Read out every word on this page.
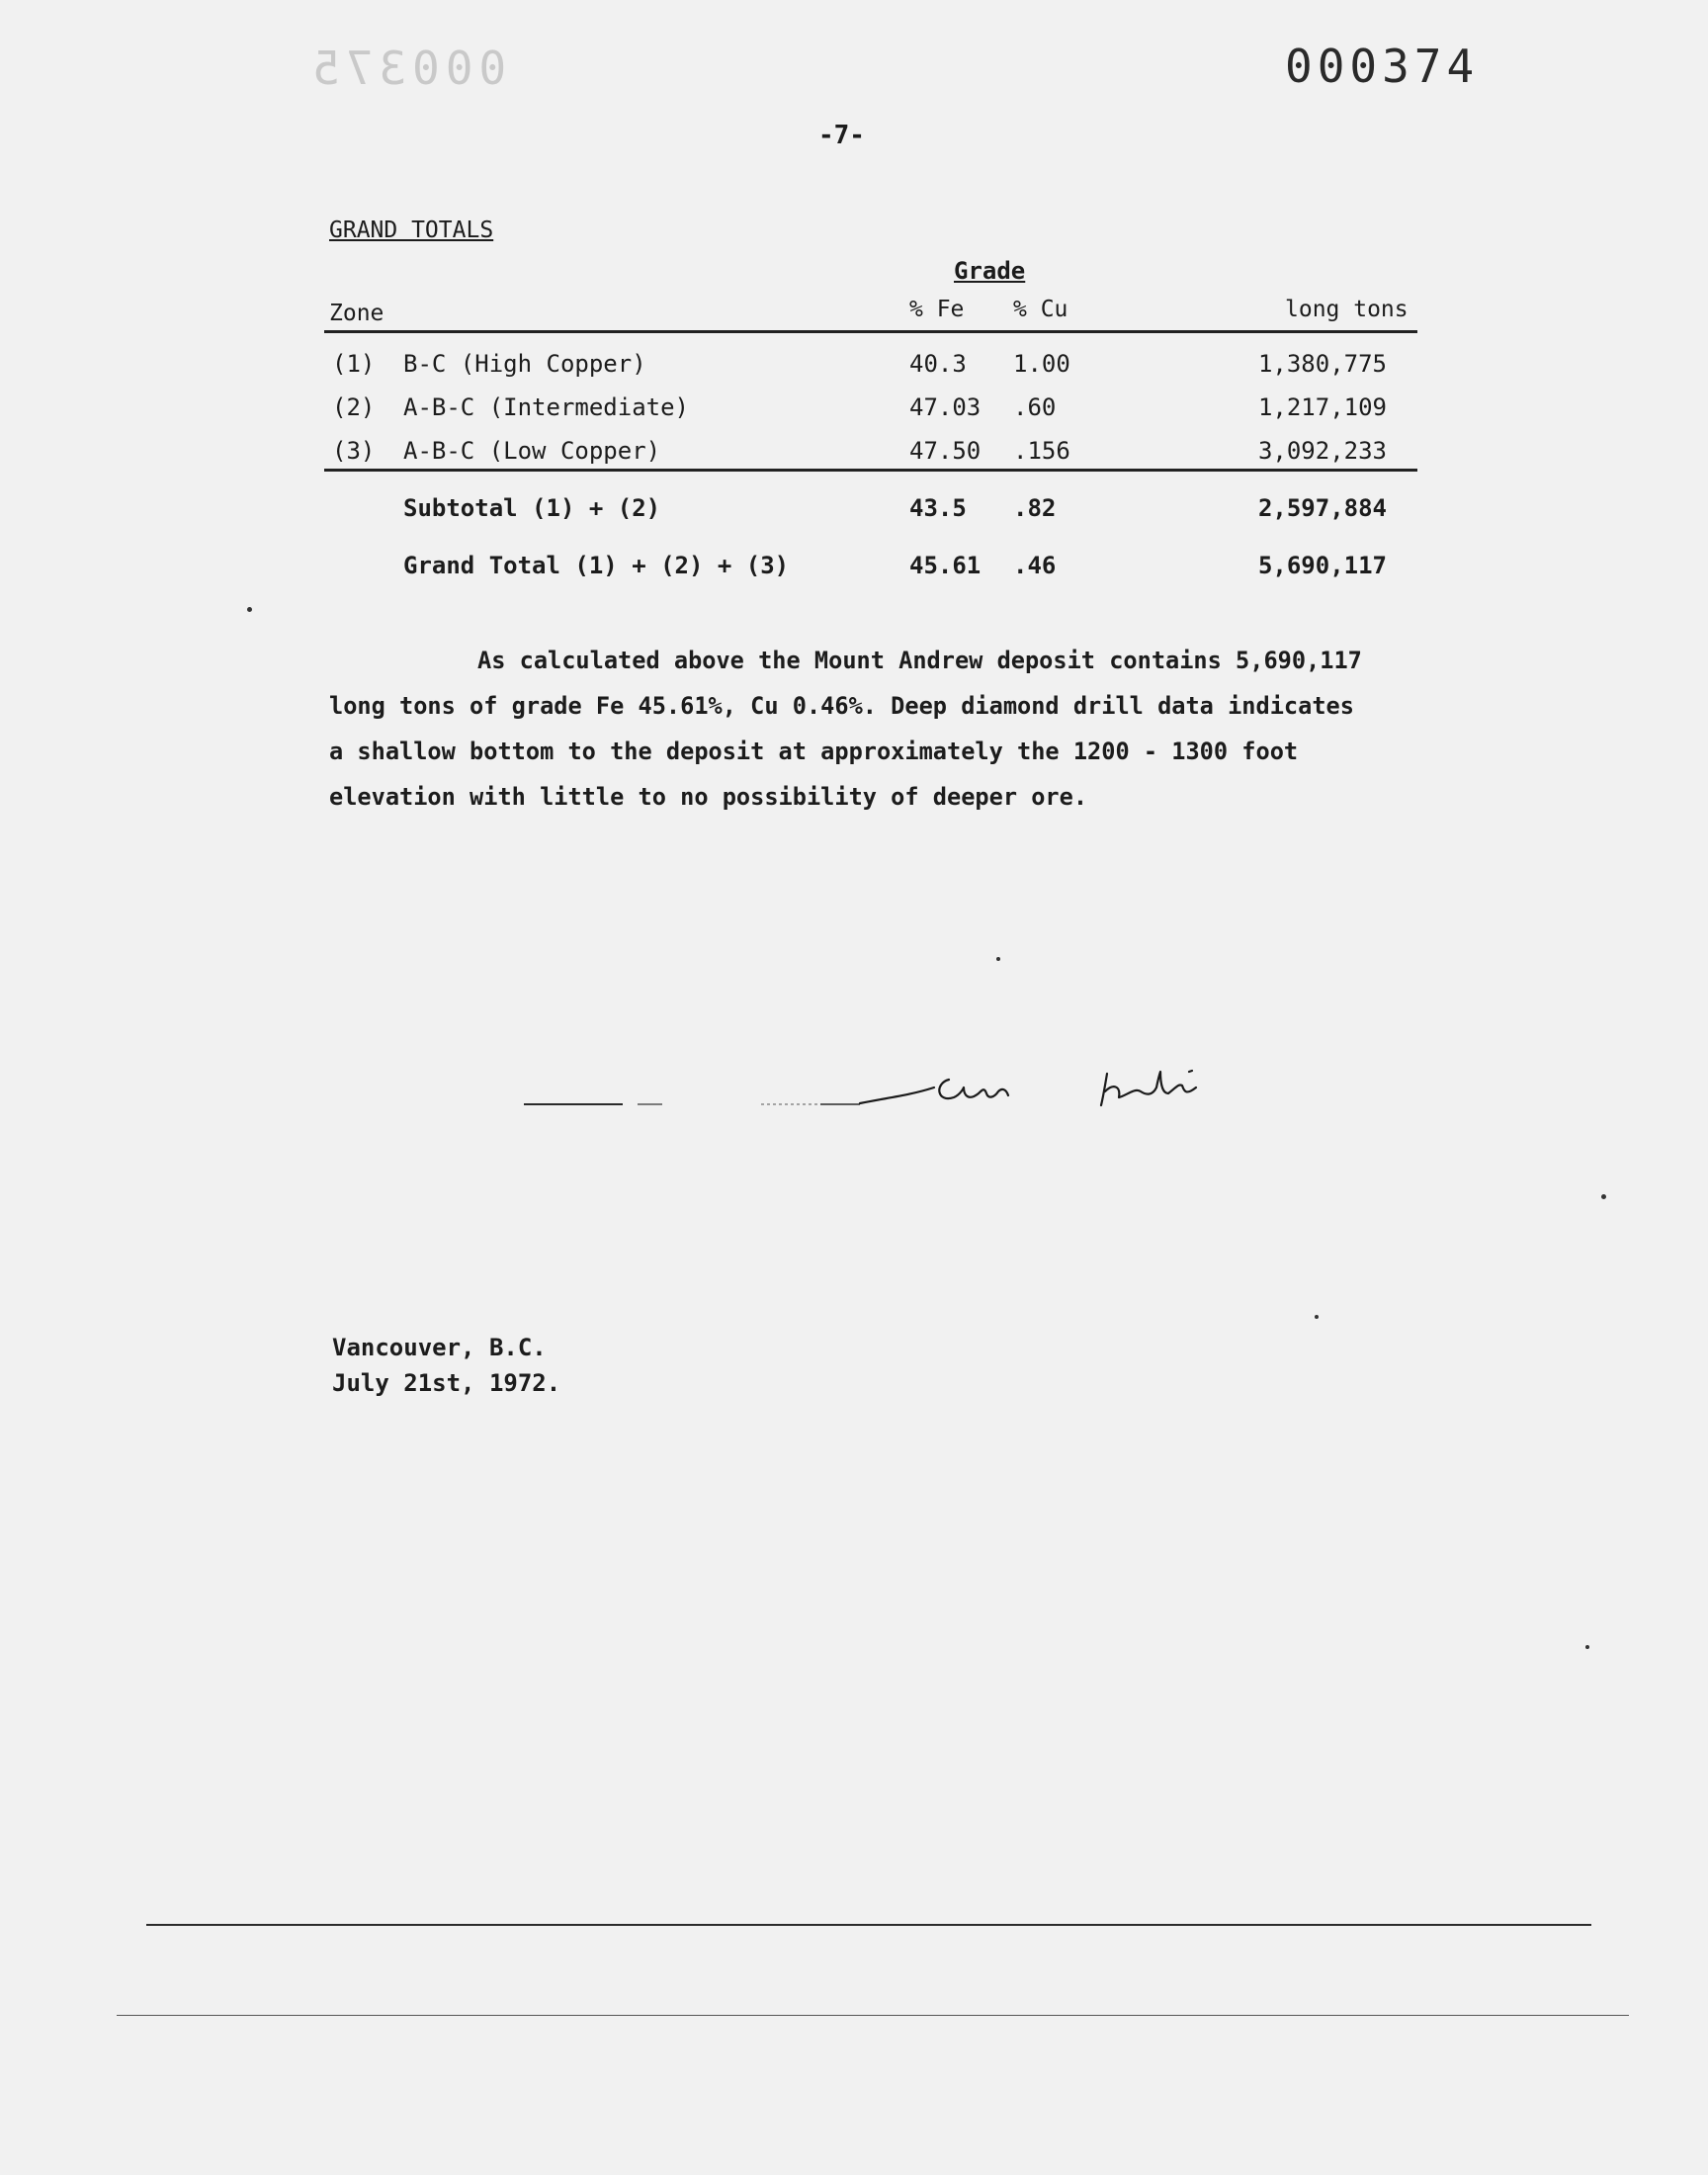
000375	000374
-7-
GRAND TOTALS
Grade
Zone	% Fe % Cu	long tons
(1) B-C (High Copper)	40.3 1.00	1,380,775
(2) A-B-C (Intermediate)	47.03 .60	1,217,109
(3) A-B-C (Low Copper)	47.50 .156	3,092,233
Subtotal (1) + (2)	43.5 .82	2,597,884
Grand Total (1) + (2) + (3)	45.61 .46	5,690,117
As calculated above the Mount Andrew deposit contains 5,690,117
long tons of grade Fe 45.61%, Cu 0.46%. Deep diamond drill data indicates
a shallow bottom to the deposit at approximately the 1200 - 1300 foot
elevation with little to no possibility of deeper ore.
Vancouver, B.C.
July 21st, 1972.
